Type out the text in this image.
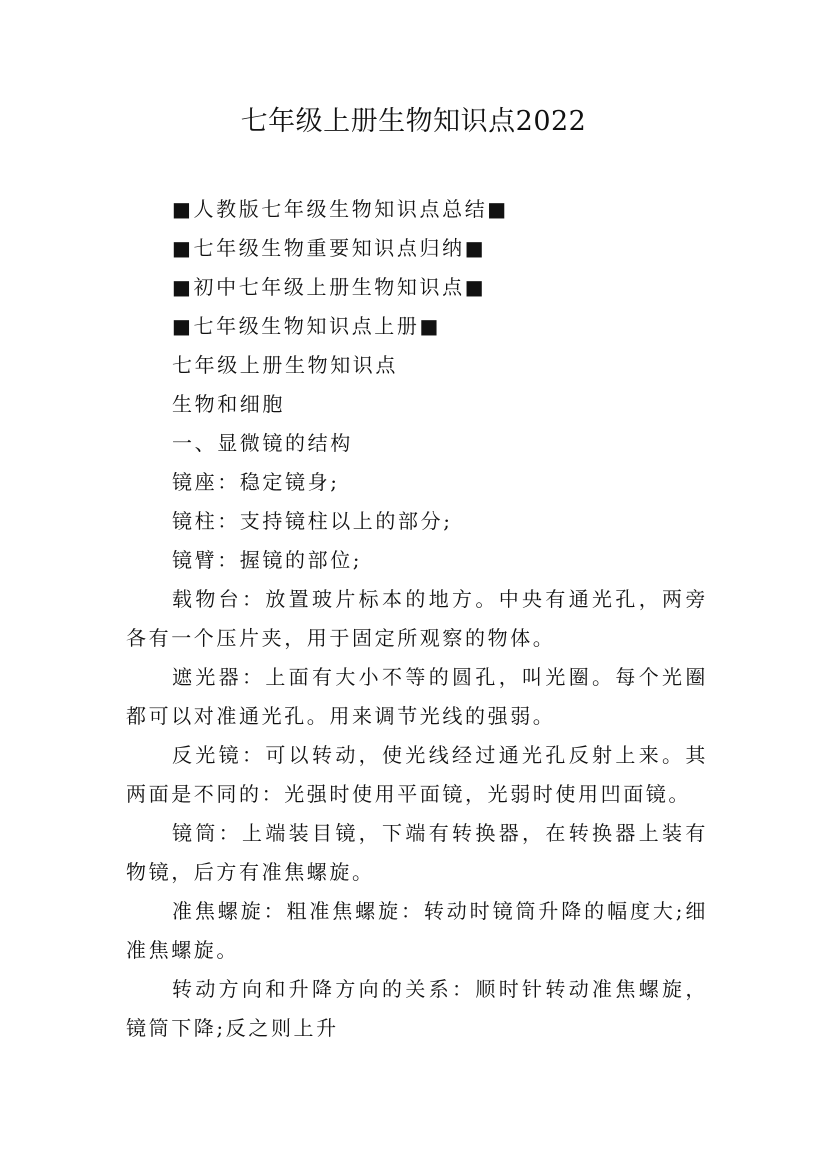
七年级上册生物知识点2022

■人教版七年级生物知识点总结■

■七年级生物重要知识点归纳■

■初中七年级上册生物知识点■

■七年级生物知识点上册■

七年级上册生物知识点

生物和细胞

一、显微镜的结构

镜座：稳定镜身;

镜柱：支持镜柱以上的部分;

镜臂：握镜的部位;

载物台：放置玻片标本的地方。中央有通光孔，两旁各有一个压片夹，用于固定所观察的物体。

遮光器：上面有大小不等的圆孔，叫光圈。每个光圈都可以对准通光孔。用来调节光线的强弱。

反光镜：可以转动，使光线经过通光孔反射上来。其两面是不同的：光强时使用平面镜，光弱时使用凹面镜。

镜筒：上端装目镜，下端有转换器，在转换器上装有物镜，后方有准焦螺旋。

准焦螺旋：粗准焦螺旋：转动时镜筒升降的幅度大;细准焦螺旋。

转动方向和升降方向的关系：顺时针转动准焦螺旋，镜筒下降;反之则上升
